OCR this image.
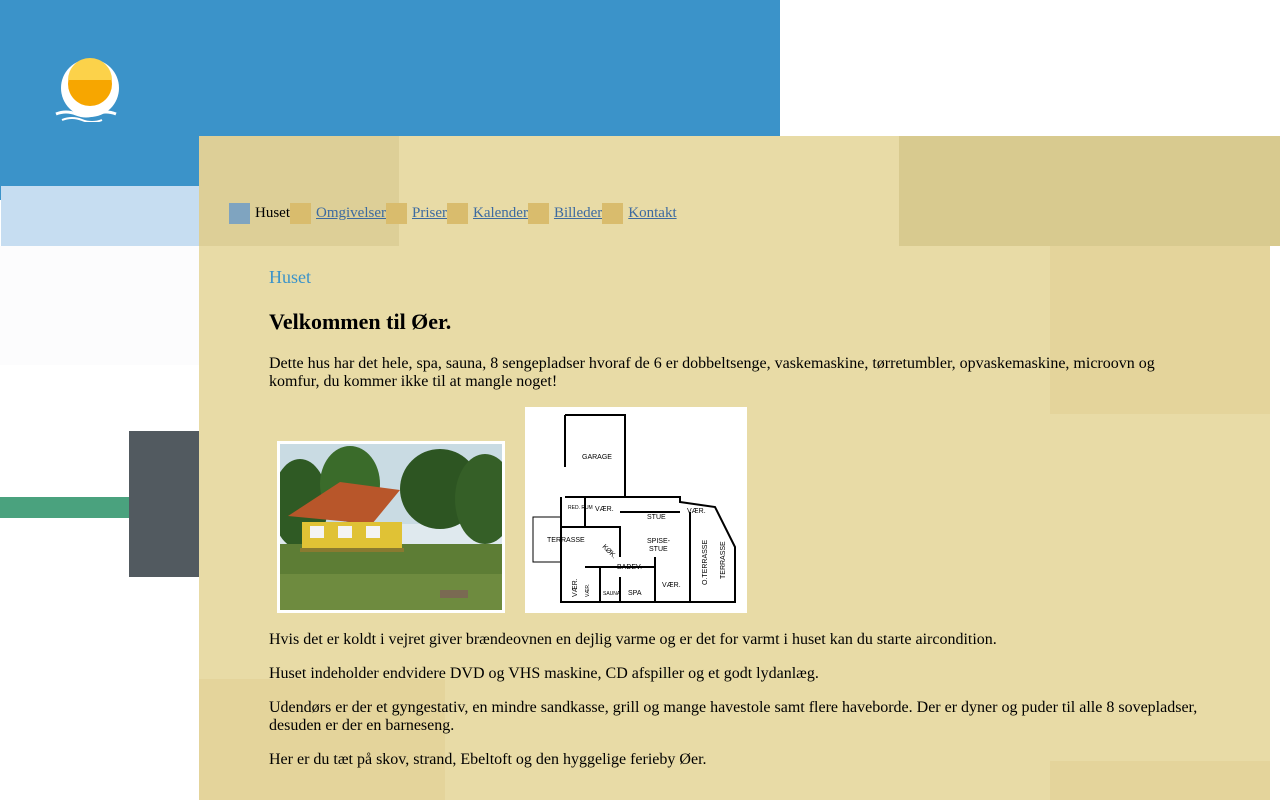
Huset Omgivelser Priser Kalender Billeder Kontakt
Huset
Velkommen til Øer.

Dette hus har det hele, spa, sauna, 8 sengepladser hvoraf de 6 er dobbeltsenge, vaskemaskine, tørretumbler, opvaskemaskine, microovn og komfur, du kommer ikke til at mangle noget!

GARAGE
RED. RUM VÆR.
STUE
VÆR.
TERRASSE
KØK.
SPISE-
STUE
BADEV.
VÆR.
VÆR.	SAUNA SPA
VÆR.
O.TERRASSE TERRASSE

Hvis det er koldt i vejret giver brændeovnen en dejlig varme og er det for varmt i huset kan du starte aircondition.

Huset indeholder endvidere DVD og VHS maskine, CD afspiller og et godt lydanlæg.

Udendørs er der et gyngestativ, en mindre sandkasse, grill og mange havestole samt flere haveborde. Der er dyner og puder til alle 8 sovepladser, desuden er der en barneseng.

Her er du tæt på skov, strand, Ebeltoft og den hyggelige ferieby Øer.
